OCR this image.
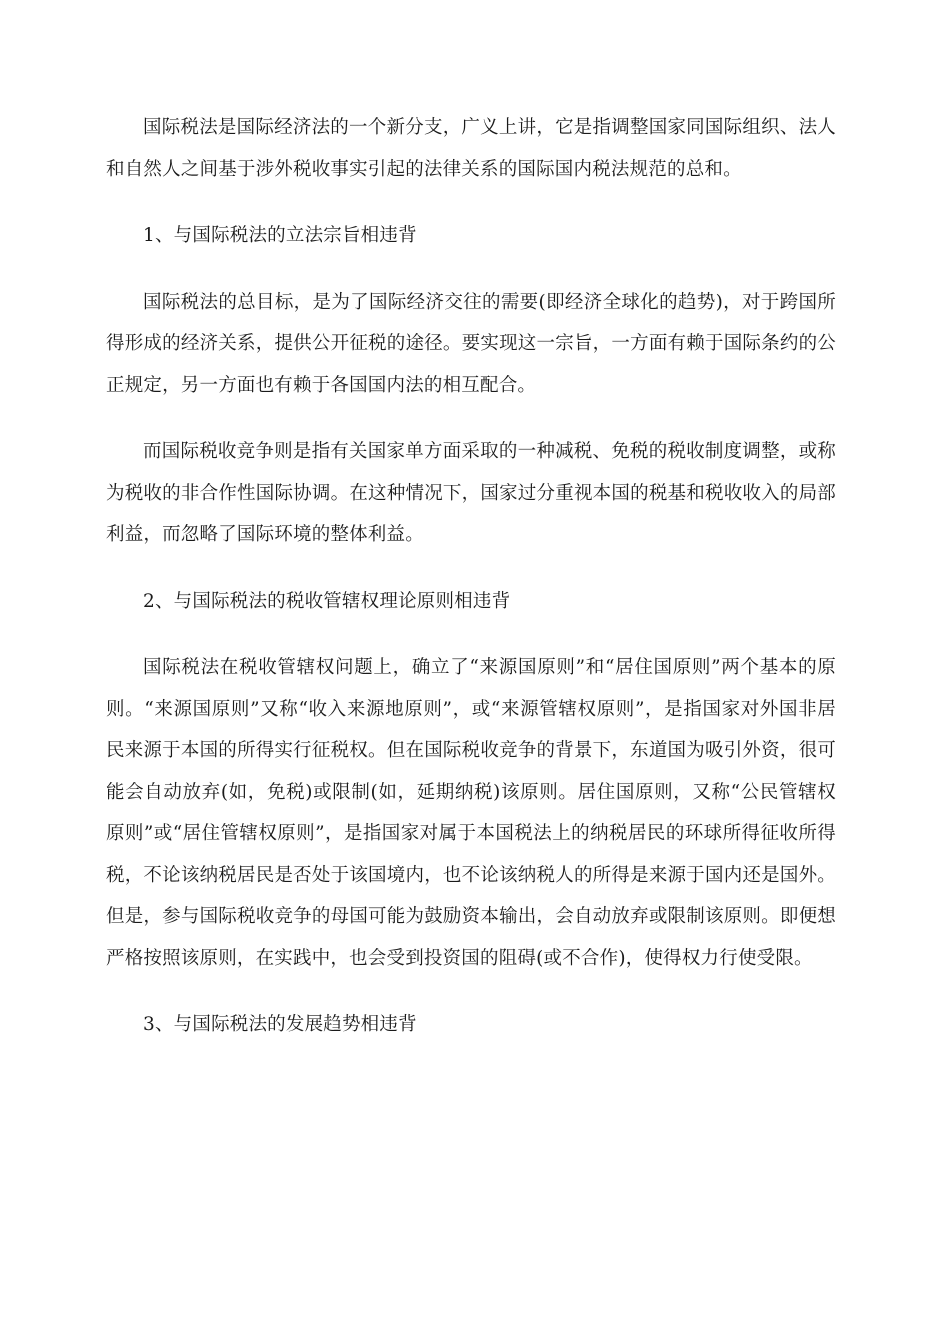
国际税法是国际经济法的一个新分支，广义上讲，它是指调整国家同国际组织、法人和自然人之间基于涉外税收事实引起的法律关系的国际国内税法规范的总和。

1、与国际税法的立法宗旨相违背

国际税法的总目标，是为了国际经济交往的需要(即经济全球化的趋势)，对于跨国所得形成的经济关系，提供公开征税的途径。要实现这一宗旨，一方面有赖于国际条约的公正规定，另一方面也有赖于各国国内法的相互配合。

而国际税收竞争则是指有关国家单方面采取的一种减税、免税的税收制度调整，或称为税收的非合作性国际协调。在这种情况下，国家过分重视本国的税基和税收收入的局部利益，而忽略了国际环境的整体利益。

2、与国际税法的税收管辖权理论原则相违背

国际税法在税收管辖权问题上，确立了“来源国原则”和“居住国原则”两个基本的原则。“来源国原则”又称“收入来源地原则”，或“来源管辖权原则”，是指国家对外国非居民来源于本国的所得实行征税权。但在国际税收竞争的背景下，东道国为吸引外资，很可能会自动放弃(如，免税)或限制(如，延期纳税)该原则。居住国原则，又称“公民管辖权原则”或“居住管辖权原则”，是指国家对属于本国税法上的纳税居民的环球所得征收所得税，不论该纳税居民是否处于该国境内，也不论该纳税人的所得是来源于国内还是国外。但是，参与国际税收竞争的母国可能为鼓励资本输出，会自动放弃或限制该原则。即便想严格按照该原则，在实践中，也会受到投资国的阻碍(或不合作)，使得权力行使受限。

3、与国际税法的发展趋势相违背
